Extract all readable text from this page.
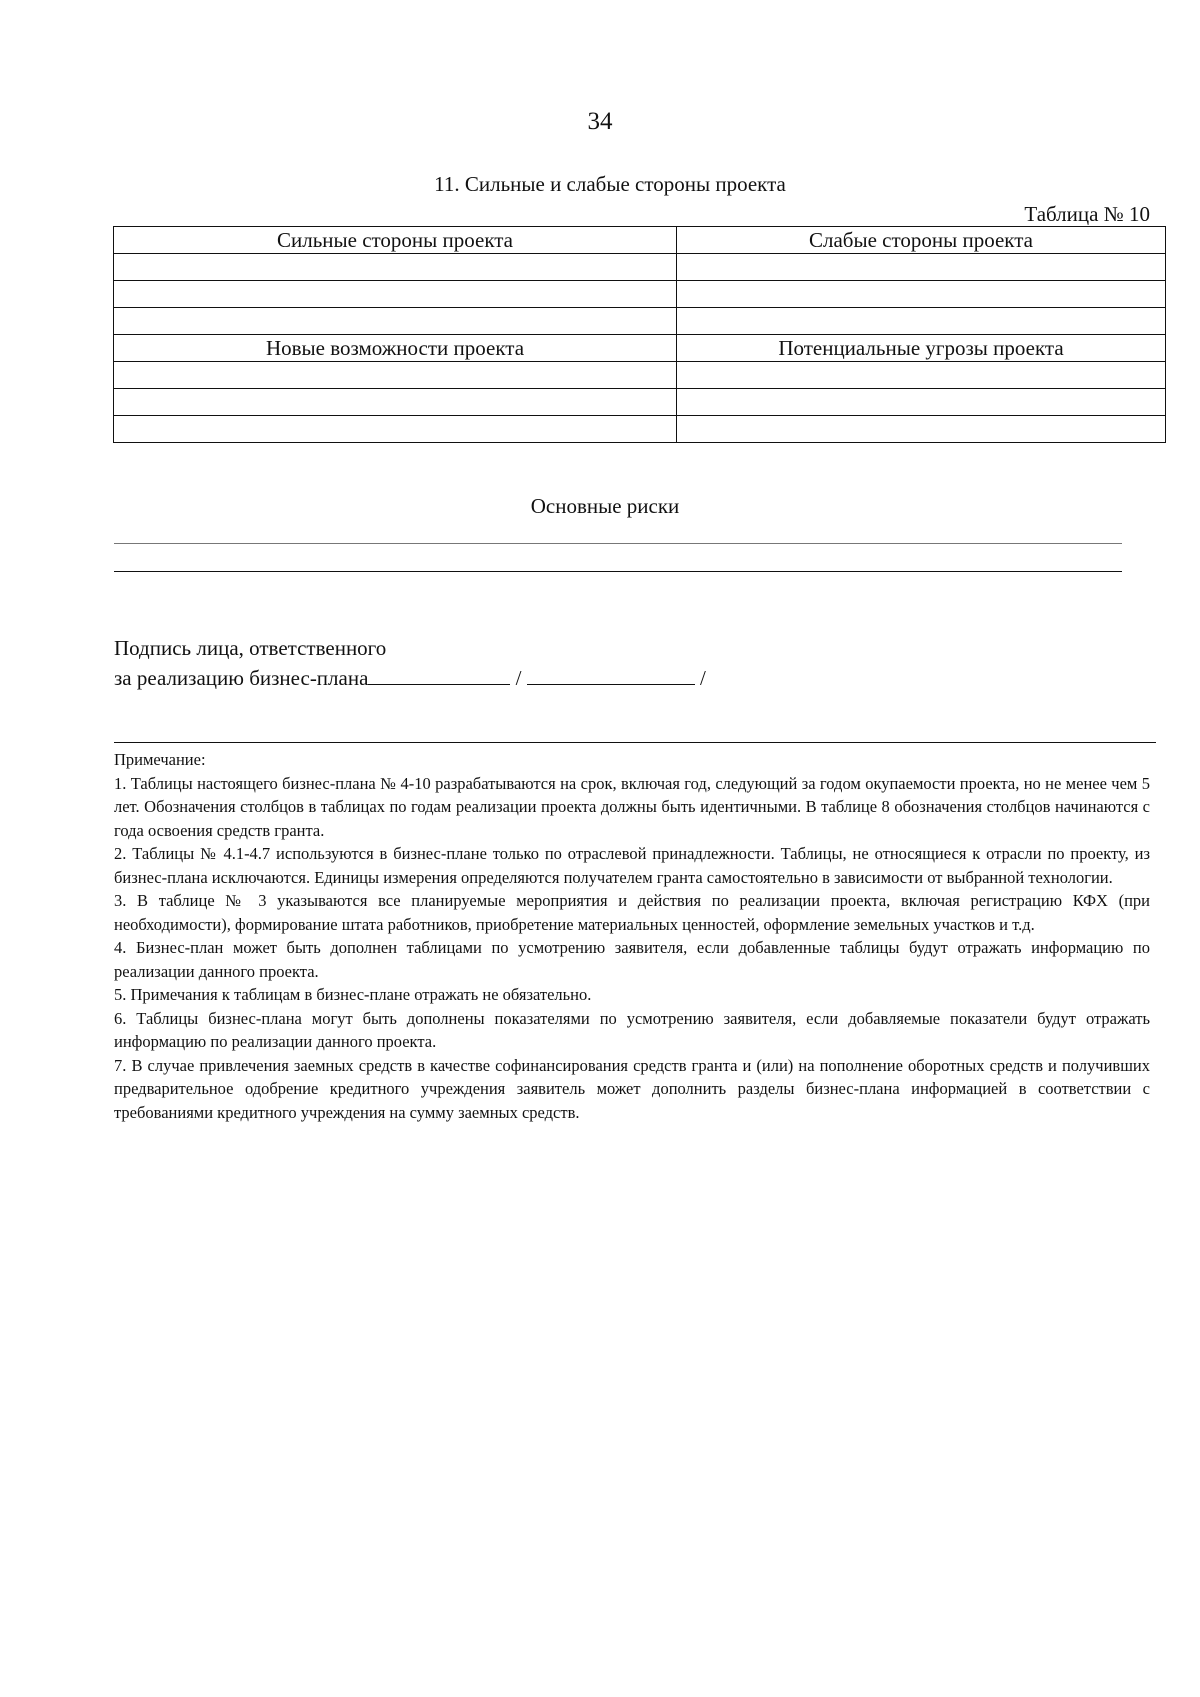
34
11. Сильные и слабые стороны проекта
Таблица № 10
Сильные стороны проекта	Слабые стороны проекта

Новые возможности проекта	Потенциальные угрозы проекта

Основные риски
Подпись лица, ответственного
за реализацию бизнес-плана	/	/

Примечание:

1. Таблицы настоящего бизнес-плана № 4-10 разрабатываются на срок, включая год, следующий за годом окупаемости проекта, но не менее чем 5 лет. Обозначения столбцов в таблицах по годам реализации проекта должны быть идентичными. В таблице 8 обозначения столбцов начинаются с года освоения средств гранта.

2. Таблицы № 4.1-4.7 используются в бизнес-плане только по отраслевой принадлежности. Таблицы, не относящиеся к отрасли по проекту, из бизнес-плана исключаются. Единицы измерения определяются получателем гранта самостоятельно в зависимости от выбранной технологии.

3. В таблице № 3 указываются все планируемые мероприятия и действия по реализации проекта, включая регистрацию КФХ (при необходимости), формирование штата работников, приобретение материальных ценностей, оформление земельных участков и т.д.

4. Бизнес-план может быть дополнен таблицами по усмотрению заявителя, если добавленные таблицы будут отражать информацию по реализации данного проекта.

5. Примечания к таблицам в бизнес-плане отражать не обязательно.

6. Таблицы бизнес-плана могут быть дополнены показателями по усмотрению заявителя, если добавляемые показатели будут отражать информацию по реализации данного проекта.

7. В случае привлечения заемных средств в качестве софинансирования средств гранта и (или) на пополнение оборотных средств и получивших предварительное одобрение кредитного учреждения заявитель может дополнить разделы бизнес-плана информацией в соответствии с требованиями кредитного учреждения на сумму заемных средств.
